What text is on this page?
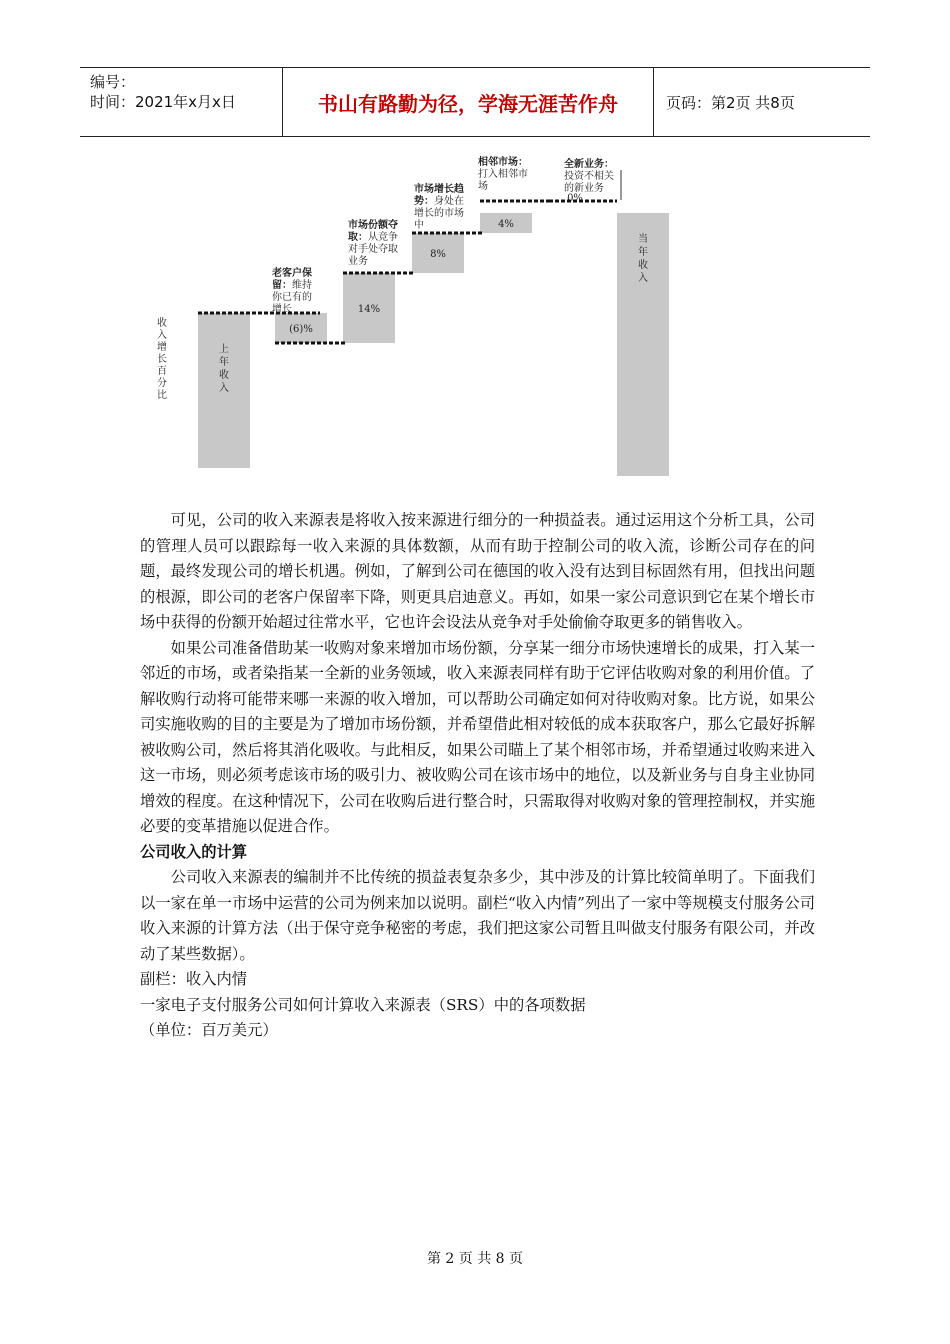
编号：
时间：2021年x月x日	书山有路勤为径，学海无涯苦作舟	页码：第2页 共8页
上年收入
(6)%
14%
8%
4%
0%
当年收入
收入增长百分比
老客户保留：维持你已有的增长
市场份额夺取：从竞争对手处夺取业务
市场增长趋势：身处在增长的市场中
相邻市场：打入相邻市场
全新业务：投资不相关的新业务

可见，公司的收入来源表是将收入按来源进行细分的一种损益表。通过运用这个分析工具，公司的管理人员可以跟踪每一收入来源的具体数额，从而有助于控制公司的收入流，诊断公司存在的问题，最终发现公司的增长机遇。例如，了解到公司在德国的收入没有达到目标固然有用，但找出问题的根源，即公司的老客户保留率下降，则更具启迪意义。再如，如果一家公司意识到它在某个增长市场中获得的份额开始超过往常水平，它也许会设法从竞争对手处偷偷夺取更多的销售收入。

如果公司准备借助某一收购对象来增加市场份额，分享某一细分市场快速增长的成果，打入某一邻近的市场，或者染指某一全新的业务领域，收入来源表同样有助于它评估收购对象的利用价值。了解收购行动将可能带来哪一来源的收入增加，可以帮助公司确定如何对待收购对象。比方说，如果公司实施收购的目的主要是为了增加市场份额，并希望借此相对较低的成本获取客户，那么它最好拆解被收购公司，然后将其消化吸收。与此相反，如果公司瞄上了某个相邻市场，并希望通过收购来进入这一市场，则必须考虑该市场的吸引力、被收购公司在该市场中的地位，以及新业务与自身主业协同增效的程度。在这种情况下，公司在收购后进行整合时，只需取得对收购对象的管理控制权，并实施必要的变革措施以促进合作。

公司收入的计算

公司收入来源表的编制并不比传统的损益表复杂多少，其中涉及的计算比较简单明了。下面我们以一家在单一市场中运营的公司为例来加以说明。副栏“收入内情”列出了一家中等规模支付服务公司收入来源的计算方法（出于保守竞争秘密的考虑，我们把这家公司暂且叫做支付服务有限公司，并改动了某些数据）。

副栏：收入内情

一家电子支付服务公司如何计算收入来源表（SRS）中的各项数据

（单位：百万美元）

第 2 页 共 8 页
